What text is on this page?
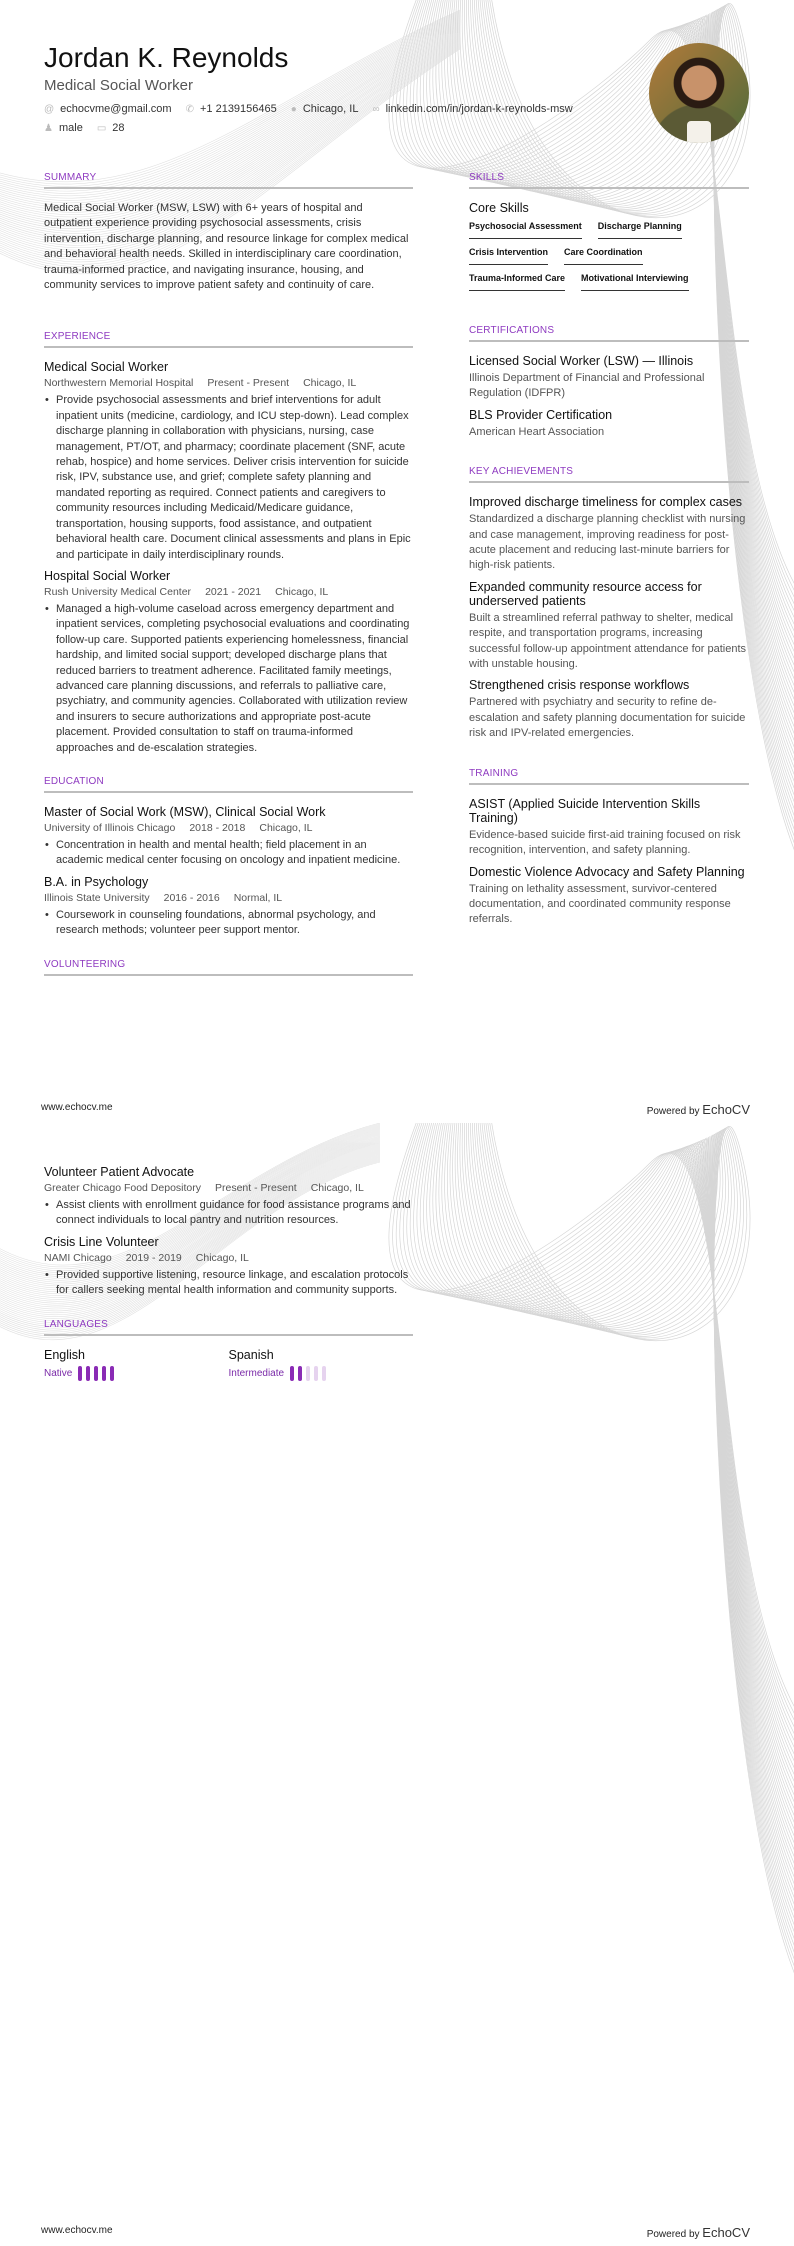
Jordan K. Reynolds
Medical Social Worker
@ echocvme@gmail.com ✆ +1 2139156465 ● Chicago, IL ∞ linkedin.com/in/jordan-k-reynolds-msw
♟ male ▭ 28
SUMMARY

Medical Social Worker (MSW, LSW) with 6+ years of hospital and outpatient experience providing psychosocial assessments, crisis intervention, discharge planning, and resource linkage for complex medical and behavioral health needs. Skilled in interdisciplinary care coordination, trauma-informed practice, and navigating insurance, housing, and community services to improve patient safety and continuity of care.

EXPERIENCE
Medical Social Worker
Northwestern Memorial Hospital Present - Present Chicago, IL
• Provide psychosocial assessments and brief interventions for adult inpatient units (medicine, cardiology, and ICU step-down). Lead complex discharge planning in collaboration with physicians, nursing, case management, PT/OT, and pharmacy; coordinate placement (SNF, acute rehab, hospice) and home services. Deliver crisis intervention for suicide risk, IPV, substance use, and grief; complete safety planning and mandated reporting as required. Connect patients and caregivers to community resources including Medicaid/Medicare guidance, transportation, housing supports, food assistance, and outpatient behavioral health care. Document clinical assessments and plans in Epic and participate in daily interdisciplinary rounds.
Hospital Social Worker
Rush University Medical Center 2021 - 2021 Chicago, IL
• Managed a high-volume caseload across emergency department and inpatient services, completing psychosocial evaluations and coordinating follow-up care. Supported patients experiencing homelessness, financial hardship, and limited social support; developed discharge plans that reduced barriers to treatment adherence. Facilitated family meetings, advanced care planning discussions, and referrals to palliative care, psychiatry, and community agencies. Collaborated with utilization review and insurers to secure authorizations and appropriate post-acute placement. Provided consultation to staff on trauma-informed approaches and de-escalation strategies.
EDUCATION
Master of Social Work (MSW), Clinical Social Work
University of Illinois Chicago 2018 - 2018 Chicago, IL
• Concentration in health and mental health; field placement in an academic medical center focusing on oncology and inpatient medicine.
B.A. in Psychology
Illinois State University 2016 - 2016 Normal, IL
• Coursework in counseling foundations, abnormal psychology, and research methods; volunteer peer support mentor.
VOLUNTEERING
SKILLS
Core Skills
Psychosocial Assessment Discharge Planning
Crisis Intervention Care Coordination
Trauma-Informed Care Motivational Interviewing
CERTIFICATIONS
Licensed Social Worker (LSW) — Illinois
Illinois Department of Financial and Professional Regulation (IDFPR)
BLS Provider Certification
American Heart Association
KEY ACHIEVEMENTS
Improved discharge timeliness for complex cases
Standardized a discharge planning checklist with nursing and case management, improving readiness for post-acute placement and reducing last-minute barriers for high-risk patients.
Expanded community resource access for underserved patients
Built a streamlined referral pathway to shelter, medical respite, and transportation programs, increasing successful follow-up appointment attendance for patients with unstable housing.
Strengthened crisis response workflows
Partnered with psychiatry and security to refine de-escalation and safety planning documentation for suicide risk and IPV-related emergencies.
TRAINING
ASIST (Applied Suicide Intervention Skills Training)
Evidence-based suicide first-aid training focused on risk recognition, intervention, and safety planning.
Domestic Violence Advocacy and Safety Planning
Training on lethality assessment, survivor-centered documentation, and coordinated community response referrals.
www.echocv.me	Powered by EchoCV
Volunteer Patient Advocate
Greater Chicago Food Depository Present - Present Chicago, IL
• Assist clients with enrollment guidance for food assistance programs and connect individuals to local pantry and nutrition resources.
Crisis Line Volunteer
NAMI Chicago 2019 - 2019 Chicago, IL
• Provided supportive listening, resource linkage, and escalation protocols for callers seeking mental health information and community supports.
LANGUAGES
English
Native
Spanish
Intermediate
www.echocv.me	Powered by EchoCV
